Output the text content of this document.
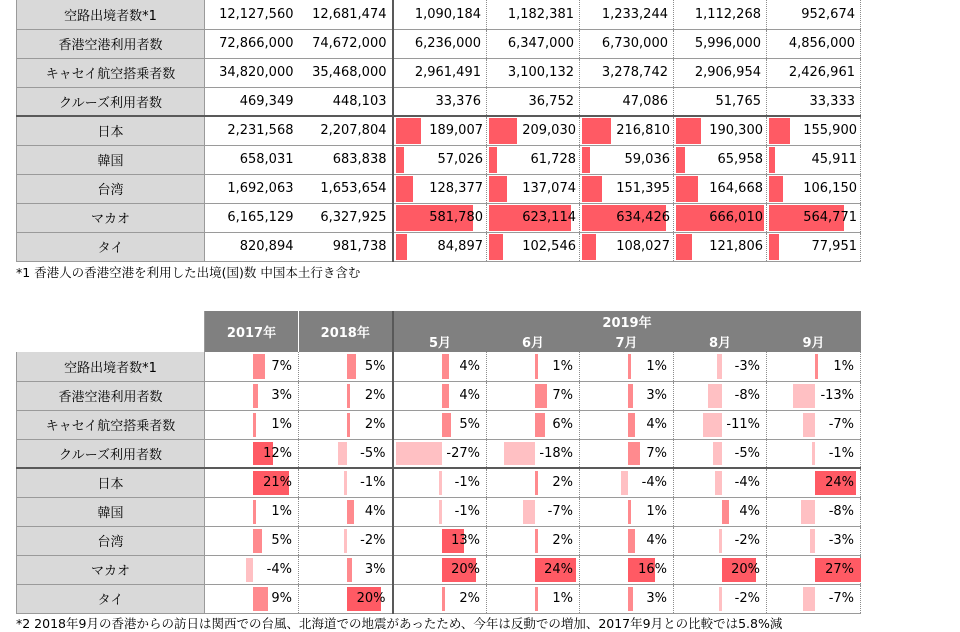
空路出境者数*1	12,127,560	12,681,474	1,090,184	1,182,381	1,233,244	1,112,268	952,674
香港空港利用者数	72,866,000	74,672,000	6,236,000	6,347,000	6,730,000	5,996,000	4,856,000
キャセイ航空搭乗者数	34,820,000	35,468,000	2,961,491	3,100,132	3,278,742	2,906,954	2,426,961
クルーズ利用者数	469,349	448,103	33,376	36,752	47,086	51,765	33,333
日本	2,231,568	2,207,804	189,007	209,030	216,810	190,300	155,900
韓国	658,031	683,838	57,026	61,728	59,036	65,958	45,911
台湾	1,692,063	1,653,654	128,377	137,074	151,395	164,668	106,150
マカオ	6,165,129	6,327,925	581,780	623,114	634,426	666,010	564,771
タイ	820,894	981,738	84,897	102,546	108,027	121,806	77,951
*1 香港人の香港空港を利用した出境(国)数 中国本土行き含む
	2017年	2018年	2019年				
			5月	6月	7月	8月	9月
空路出境者数*1	7%	5%	4%	1%	1%	-3%	1%
香港空港利用者数	3%	2%	4%	7%	3%	-8%	-13%
キャセイ航空搭乗者数	1%	2%	5%	6%	4%	-11%	-7%
クルーズ利用者数	12%	-5%	-27%	-18%	7%	-5%	-1%
日本	21%	-1%	-1%	2%	-4%	-4%	24%
韓国	1%	4%	-1%	-7%	1%	4%	-8%
台湾	5%	-2%	13%	2%	4%	-2%	-3%
マカオ	-4%	3%	20%	24%	16%	20%	27%
タイ	9%	20%	2%	1%	3%	-2%	-7%
*2 2018年9月の香港からの訪日は関西での台風、北海道での地震があったため、今年は反動での増加、2017年9月との比較では5.8%減
